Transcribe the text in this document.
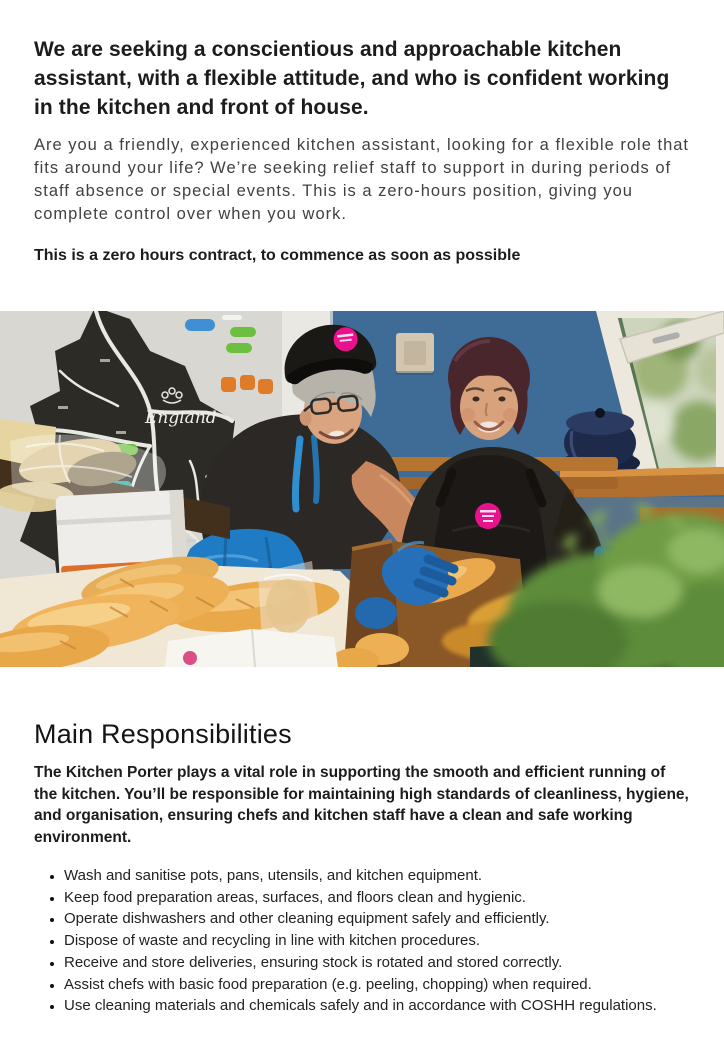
We are seeking a conscientious and approachable kitchen assistant, with a flexible attitude, and who is confident working in the kitchen and front of house.

Are you a friendly, experienced kitchen assistant, looking for a flexible role that fits around your life? We’re seeking relief staff to support in during periods of staff absence or special events. This is a zero-hours position, giving you complete control over when you work.

This is a zero hours contract, to commence as soon as possible

England
Main Responsibilities

The Kitchen Porter plays a vital role in supporting the smooth and efficient running of the kitchen. You’ll be responsible for maintaining high standards of cleanliness, hygiene, and organisation, ensuring chefs and kitchen staff have a clean and safe working environment.

• Wash and sanitise pots, pans, utensils, and kitchen equipment.
• Keep food preparation areas, surfaces, and floors clean and hygienic.
• Operate dishwashers and other cleaning equipment safely and efficiently.
• Dispose of waste and recycling in line with kitchen procedures.
• Receive and store deliveries, ensuring stock is rotated and stored correctly.
• Assist chefs with basic food preparation (e.g. peeling, chopping) when required.
• Use cleaning materials and chemicals safely and in accordance with COSHH regulations.
